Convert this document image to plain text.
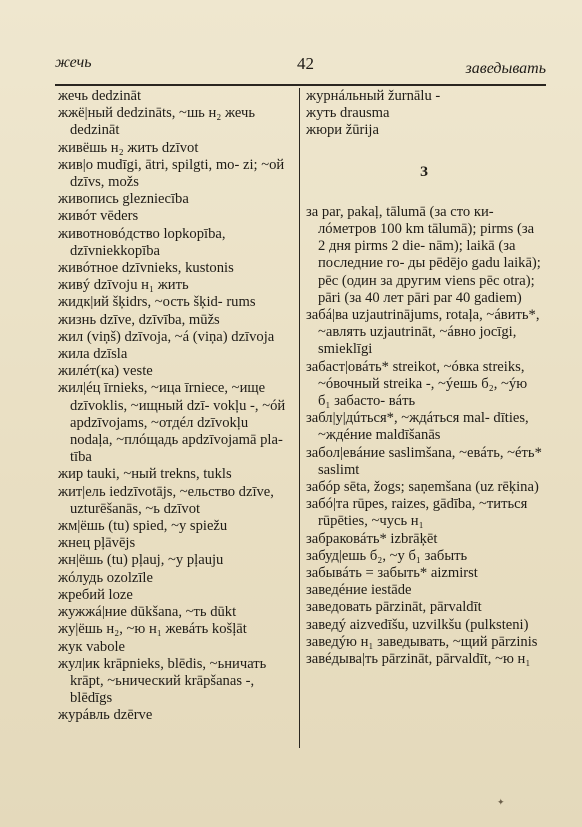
жечь	42	заведывать

жечь dedzināt

жжё|ный dedzināts, ~шь н₂ жечь dedzināt

живёшь н₂ жить dzīvot

жив|о mudīgi, ātri, spilgti, mo- zi; ~ой dzīvs, možs

живопись glezniecība

живóт vēders

животновóдство lopkopība, dzīvniekkopība

живóтное dzīvnieks, kustonis

живý dzīvoju н₁ жить

жидк|ий šķidrs, ~ость šķid- rums

жизнь dzīve, dzīvība, mūžs

жил (viņš) dzīvoja, ~á (viņa) dzīvoja

жила dzīsla

жилéт(ка) veste

жил|éц īrnieks, ~ица īrniece, ~ище dzīvoklis, ~ищный dzī- vokļu -, ~óй apdzīvojams, ~отдéл dzīvokļu nodaļa, ~плóщадь apdzīvojamā pla- tība

жир tauki, ~ный trekns, tukls

жит|ель iedzīvotājs, ~ельство dzīve, uzturēšanās, ~ь dzīvot

жм|ёшь (tu) spied, ~у spiežu

жнец pļāvējs

жн|ёшь (tu) pļauj, ~у pļauju

жóлудь ozolzīle

жребий loze

жужжá|ние dūkšana, ~ть dūkt

жу|ёшь н₂, ~ю н₁ жевáть košļāt

жук vabole

жул|ик krāpnieks, blēdis, ~ьничать krāpt, ~ьнический krāpšanas -, blēdīgs

журáвль dzērve

журнáльный žurnālu -

жуть drausma

жюри žūrija

З

за par, pakaļ, tālumā (за сто ки- лóметров 100 km tālumā); pirms (за 2 дня pirms 2 die- nām); laikā (за последние го- ды pēdējo gadu laikā); pēc (один за другим viens pēc otra); pāri (за 40 лет pāri par 40 gadiem)

забá|ва uzjautrinājums, rotaļa, ~áвить*, ~авлять uzjautrināt, ~áвно jocīgi, smieklīgi

забаст|овáть* streikot, ~óвка streiks, ~óвочный streika -, ~ýешь б₂, ~ýю б₁ забасто- вáть

забл|у|дúться*, ~ждáться mal- dīties, ~ждéние maldīšanās

забол|евáние saslimšana, ~евáть, ~éть* saslimt

забóр sēta, žogs; saņemšana (uz rēķina)

забó|та rūpes, raizes, gādība, ~титься rūpēties, ~чусь н₁

забраковáть* izbrāķēt

забуд|ешь б₂, ~у б₁ забыть

забывáть = забыть* aizmirst

заведéние iestāde

заведовать pārzināt, pārvaldīt

заведý aizvedīšu, uzvilkšu (pulksteni)

заведýю н₁ заведывать, ~щий pārzinis

завéдыва|ть pārzināt, pārvaldīt, ~ю н₁

✦
